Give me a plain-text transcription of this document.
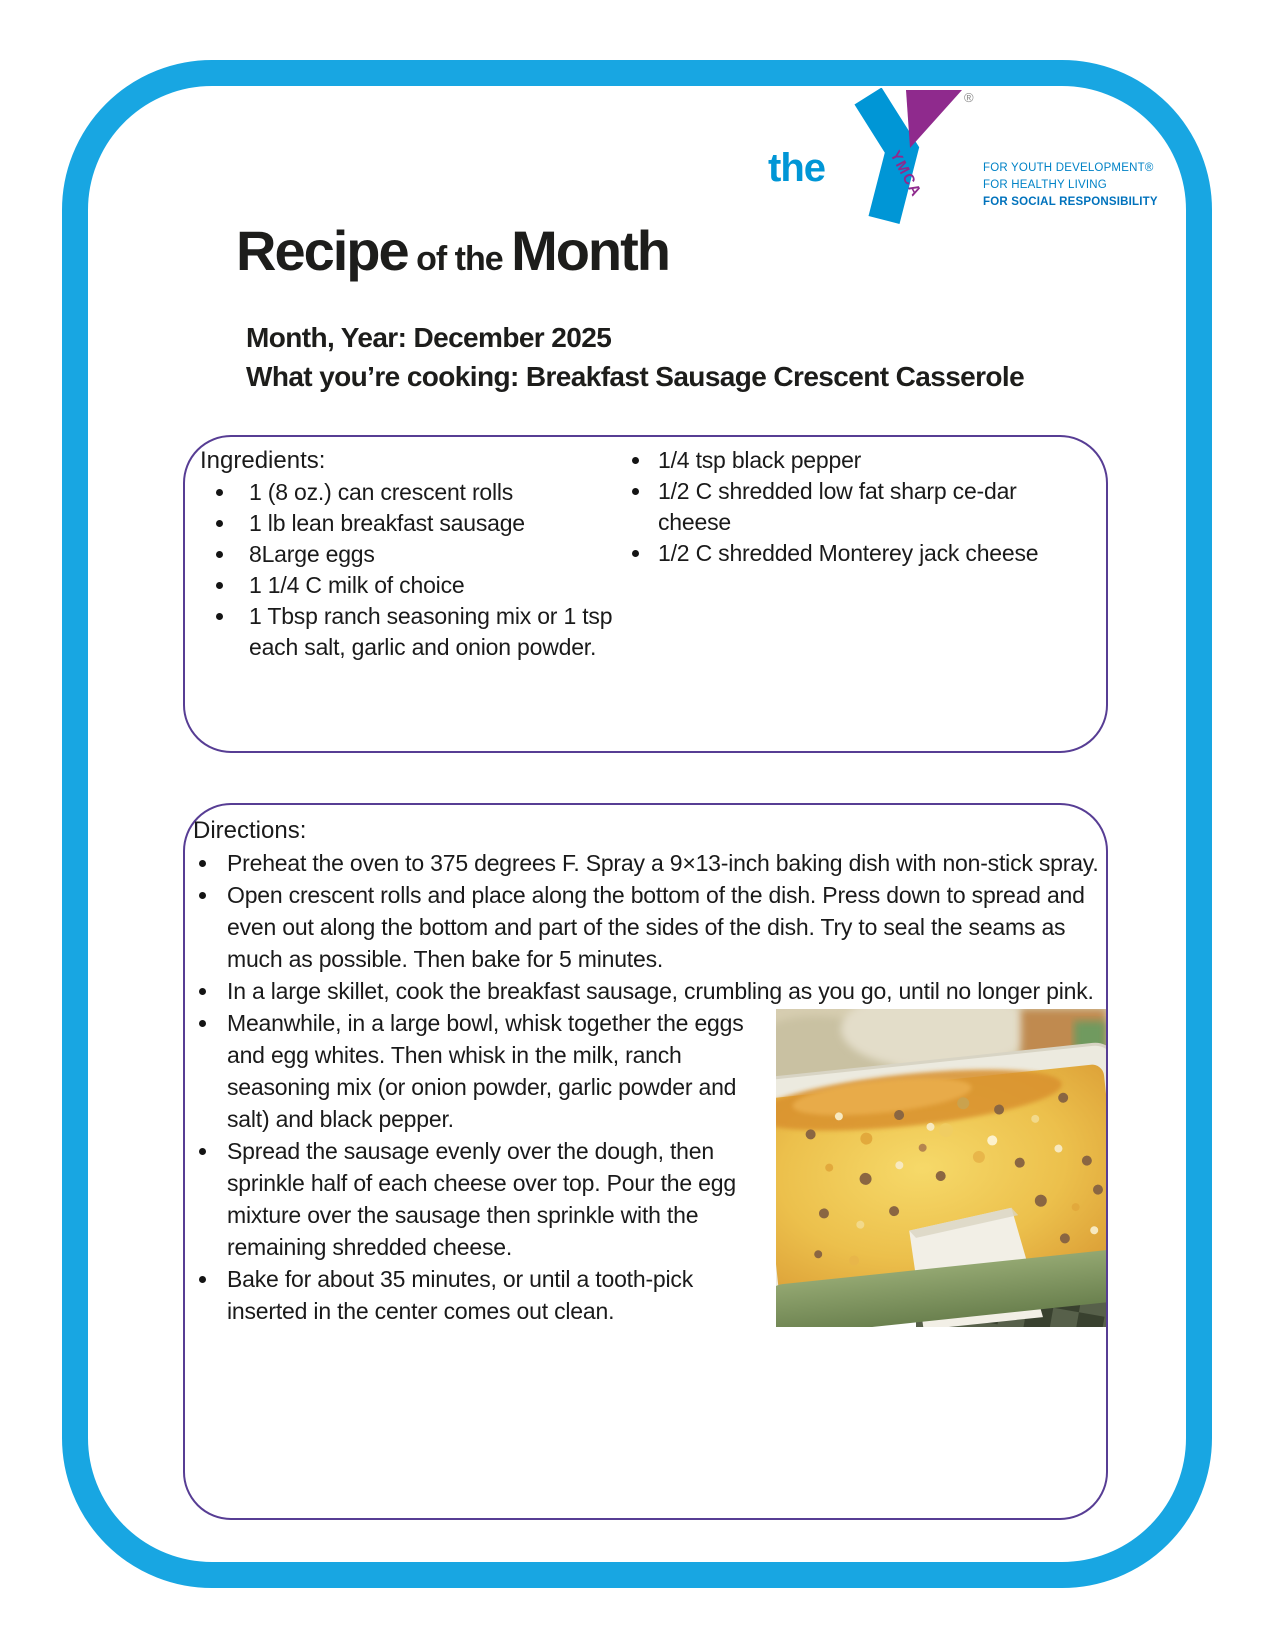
the	YMCA
®
FOR YOUTH DEVELOPMENT®
FOR HEALTHY LIVING
FOR SOCIAL RESPONSIBILITY
Recipe of the Month
Month, Year: December 2025
What you’re cooking: Breakfast Sausage Crescent Casserole
Ingredients:
1 (8 oz.) can crescent rolls
1 lb lean breakfast sausage
8Large eggs
1 1/4 C milk of choice
1 Tbsp ranch seasoning mix or 1 tsp each salt, garlic and onion powder.
1/4 tsp black pepper
1/2 C shredded low fat sharp ce-dar cheese
1/2 C shredded Monterey jack cheese
Directions:
Preheat the oven to 375 degrees F. Spray a 9×13-inch baking dish with non-stick spray.
Open crescent rolls and place along the bottom of the dish. Press down to spread and even out along the bottom and part of the sides of the dish. Try to seal the seams as much as possible. Then bake for 5 minutes.
In a large skillet, cook the breakfast sausage, crumbling as you go, until no longer pink.
Meanwhile, in a large bowl, whisk together the eggs and egg whites. Then whisk in the milk, ranch seasoning mix (or onion powder, garlic powder and salt) and black pepper.
Spread the sausage evenly over the dough, then sprinkle half of each cheese over top. Pour the egg mixture over the sausage then sprinkle with the remaining shredded cheese.
Bake for about 35 minutes, or until a tooth-pick inserted in the center comes out clean.
